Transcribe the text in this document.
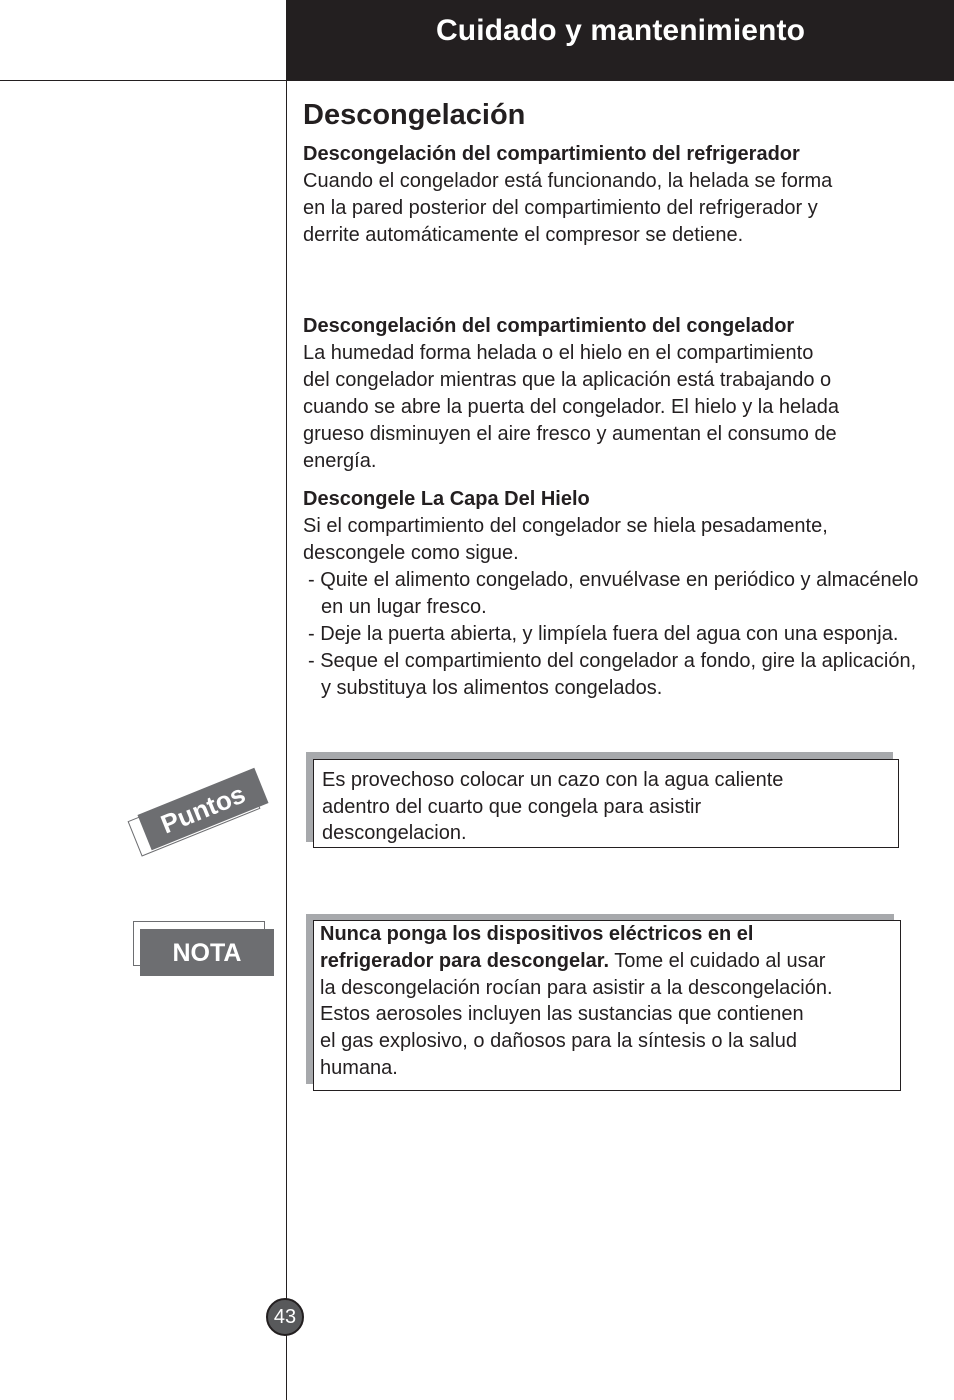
Cuidado y mantenimiento
Descongelación
Descongelación del compartimiento del refrigerador
Cuando el congelador está funcionando, la helada se forma
en la pared posterior del compartimiento del refrigerador y
derrite automáticamente el compresor se detiene.
Descongelación del compartimiento del congelador
La humedad forma helada o el hielo en el compartimiento
del congelador mientras que la aplicación está trabajando o
cuando se abre la puerta del congelador. El hielo y la helada
grueso disminuyen el aire fresco y aumentan el consumo de
energía.
Descongele La Capa Del Hielo
Si el compartimiento del congelador se hiela pesadamente,
descongele como sigue.
- Quite el alimento congelado, envuélvase en periódico y almacénelo en un lugar fresco.
- Deje la puerta abierta, y limpíela fuera del agua con una esponja.
- Seque el compartimiento del congelador a fondo, gire la aplicación, y substituya los alimentos congelados.
Puntos	Es provechoso colocar un cazo con la agua caliente
adentro del cuarto que congela para asistir
descongelacion.
NOTA
Nunca ponga los dispositivos eléctricos en el
refrigerador para descongelar. Tome el cuidado al usar
la descongelación rocían para asistir a la descongelación.
Estos aerosoles incluyen las sustancias que contienen
el gas explosivo, o dañosos para la síntesis o la salud
humana.
43
